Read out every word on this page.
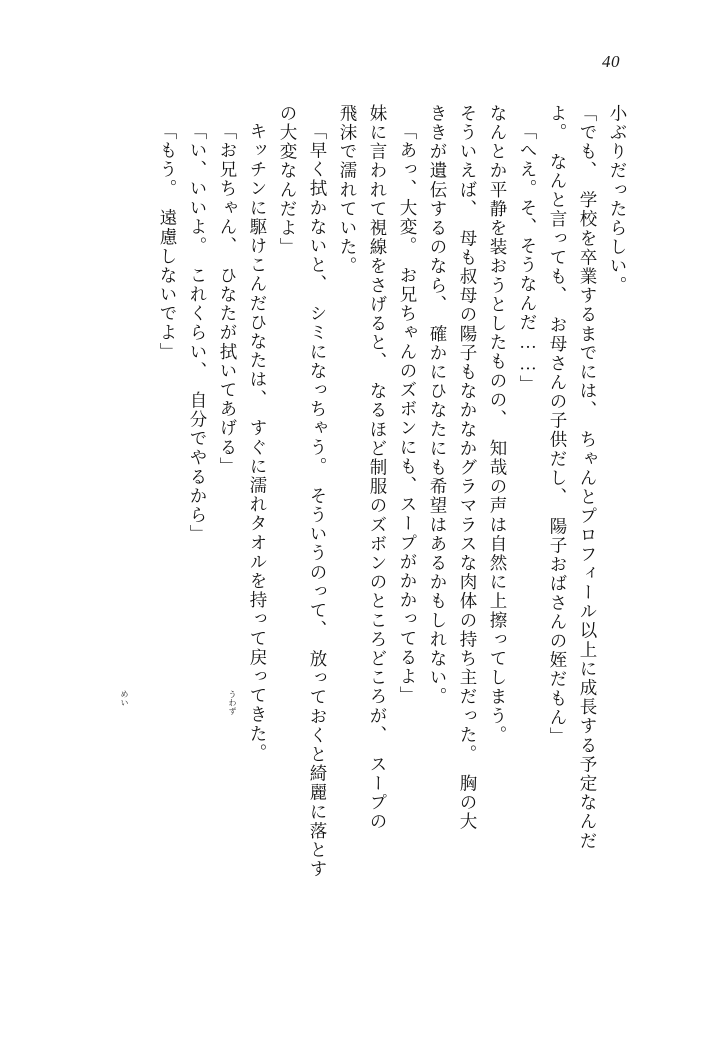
40
小ぶりだったらしい。
「でも、　学校を卒業するまでには、　ちゃんとプロフィール以上に成長する予定なんだ
よ。　なんと言っても、　お母さんの子供だし、　陽子おばさんの姪だもん」
「へえ。そ、そうなんだ……」
なんとか平静を装おうとしたものの、　知哉の声は自然に上擦ってしまう。
そういえば、　母も叔母の陽子もなかなかグラマラスな肉体の持ち主だった。　胸の大
ききが遺伝するのなら、　確かにひなたにも希望はあるかもしれない。
「あっ、大変。　お兄ちゃんのズボンにも、スープがかかってるよ」
妹に言われて視線をさげると、　なるほど制服のズボンのところどころが、　スープの
飛沫で濡れていた。
「早く拭かないと、　シミになっちゃう。　そういうのって、　放っておくと綺麗に落とす
の大変なんだよ」
キッチンに駆けこんだひなたは、　すぐに濡れタオルを持って戻ってきた。
「お兄ちゃん、　ひなたが拭いてあげる」
「い、いいよ。　これくらい、　自分でやるから」
「もう。　遠慮しないでよ」
うわず
めい
